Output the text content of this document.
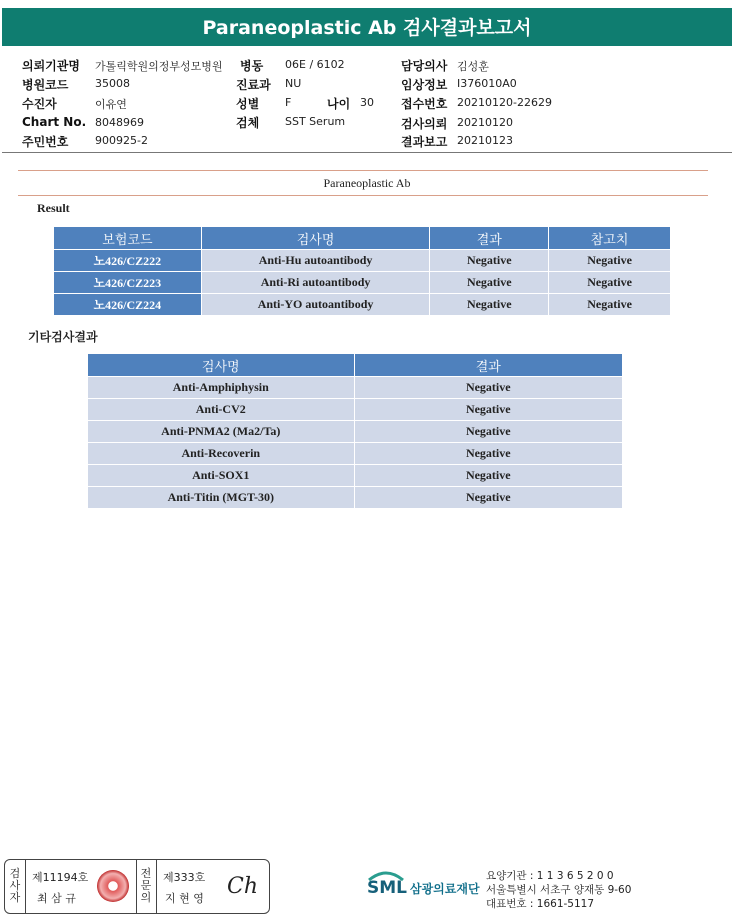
Paraneoplastic Ab 검사결과보고서
의뢰기관명 가톨릭학원의정부성모병원 병동 06E / 6102	담당의사 김성훈
병원코드 35008	진료과 NU	임상정보 I376010A0
수진자	이유연	성별 F	나이 30 접수번호 20210120-22629
Chart No. 8048969	검체 SST Serum	검사의뢰 20210120
주민번호 900925-2	결과보고 20210123
Paraneoplastic Ab
Result
보험코드	검사명	결과	참고치
노426/CZ222	Anti-Hu autoantibody	Negative	Negative
노426/CZ223	Anti-Ri autoantibody	Negative	Negative
노426/CZ224	Anti-YO autoantibody	Negative	Negative
기타검사결과
검사명	결과
Anti-Amphiphysin	Negative
Anti-CV2	Negative
Anti-PNMA2 (Ma2/Ta)	Negative
Anti-Recoverin	Negative
Anti-SOX1	Negative
Anti-Titin (MGT-30)	Negative
검사자
제11194호
최 삼 규
전문의
제333호
지 현 영 Ch	SML 삼광의료재단
요양기관 : 1 1 3 6 5 2 0 0
서울특별시 서초구 양재동 9-60
대표번호 : 1661-5117
